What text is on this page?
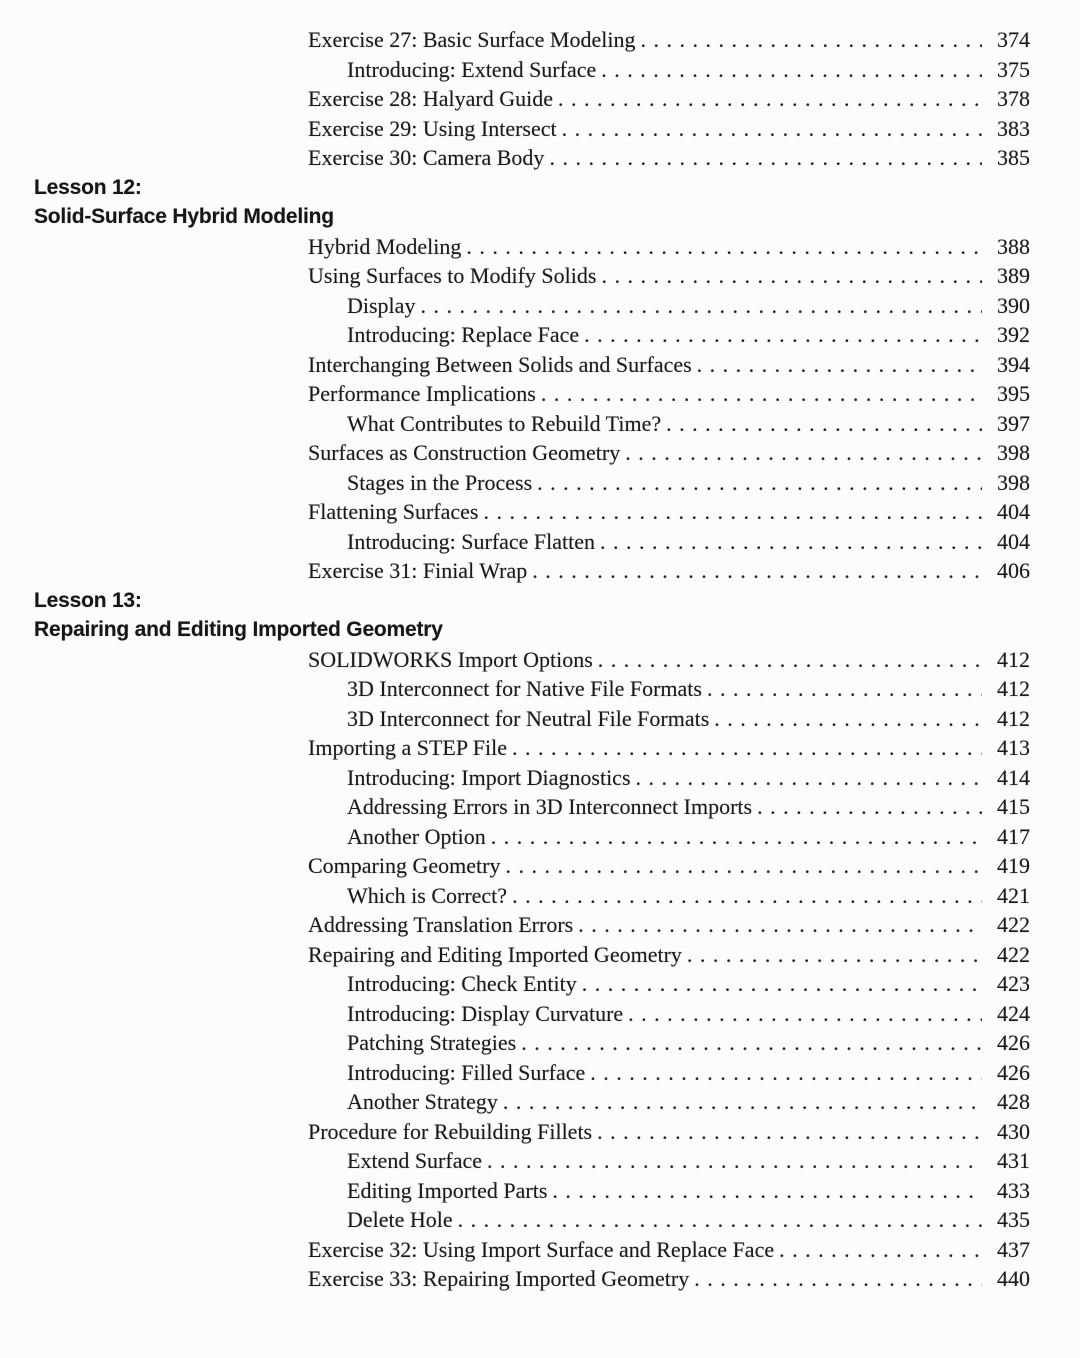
Exercise 27: Basic Surface Modeling . . .	374
Introducing: Extend Surface . . .	375
Exercise 28: Halyard Guide . . .	378
Exercise 29: Using Intersect . . .	383
Exercise 30: Camera Body . . .	385
Lesson 12:
Solid-Surface Hybrid Modeling
Hybrid Modeling . . .	388
Using Surfaces to Modify Solids . . .	389
Display . . .	390
Introducing: Replace Face . . .	392
Interchanging Between Solids and Surfaces . . .	394
Performance Implications . . .	395
What Contributes to Rebuild Time? . . .	397
Surfaces as Construction Geometry . . .	398
Stages in the Process . . .	398
Flattening Surfaces . . .	404
Introducing: Surface Flatten . . .	404
Exercise 31: Finial Wrap . . .	406
Lesson 13:
Repairing and Editing Imported Geometry
SOLIDWORKS Import Options . . .	412
3D Interconnect for Native File Formats . . .	412
3D Interconnect for Neutral File Formats . . .	412
Importing a STEP File . . .	413
Introducing: Import Diagnostics . . .	414
Addressing Errors in 3D Interconnect Imports . . .	415
Another Option . . .	417
Comparing Geometry . . .	419
Which is Correct? . . .	421
Addressing Translation Errors . . .	422
Repairing and Editing Imported Geometry . . .	422
Introducing: Check Entity . . .	423
Introducing: Display Curvature . . .	424
Patching Strategies . . .	426
Introducing: Filled Surface . . .	426
Another Strategy . . .	428
Procedure for Rebuilding Fillets . . .	430
Extend Surface . . .	431
Editing Imported Parts . . .	433
Delete Hole . . .	435
Exercise 32: Using Import Surface and Replace Face . . .	437
Exercise 33: Repairing Imported Geometry . . .	440
